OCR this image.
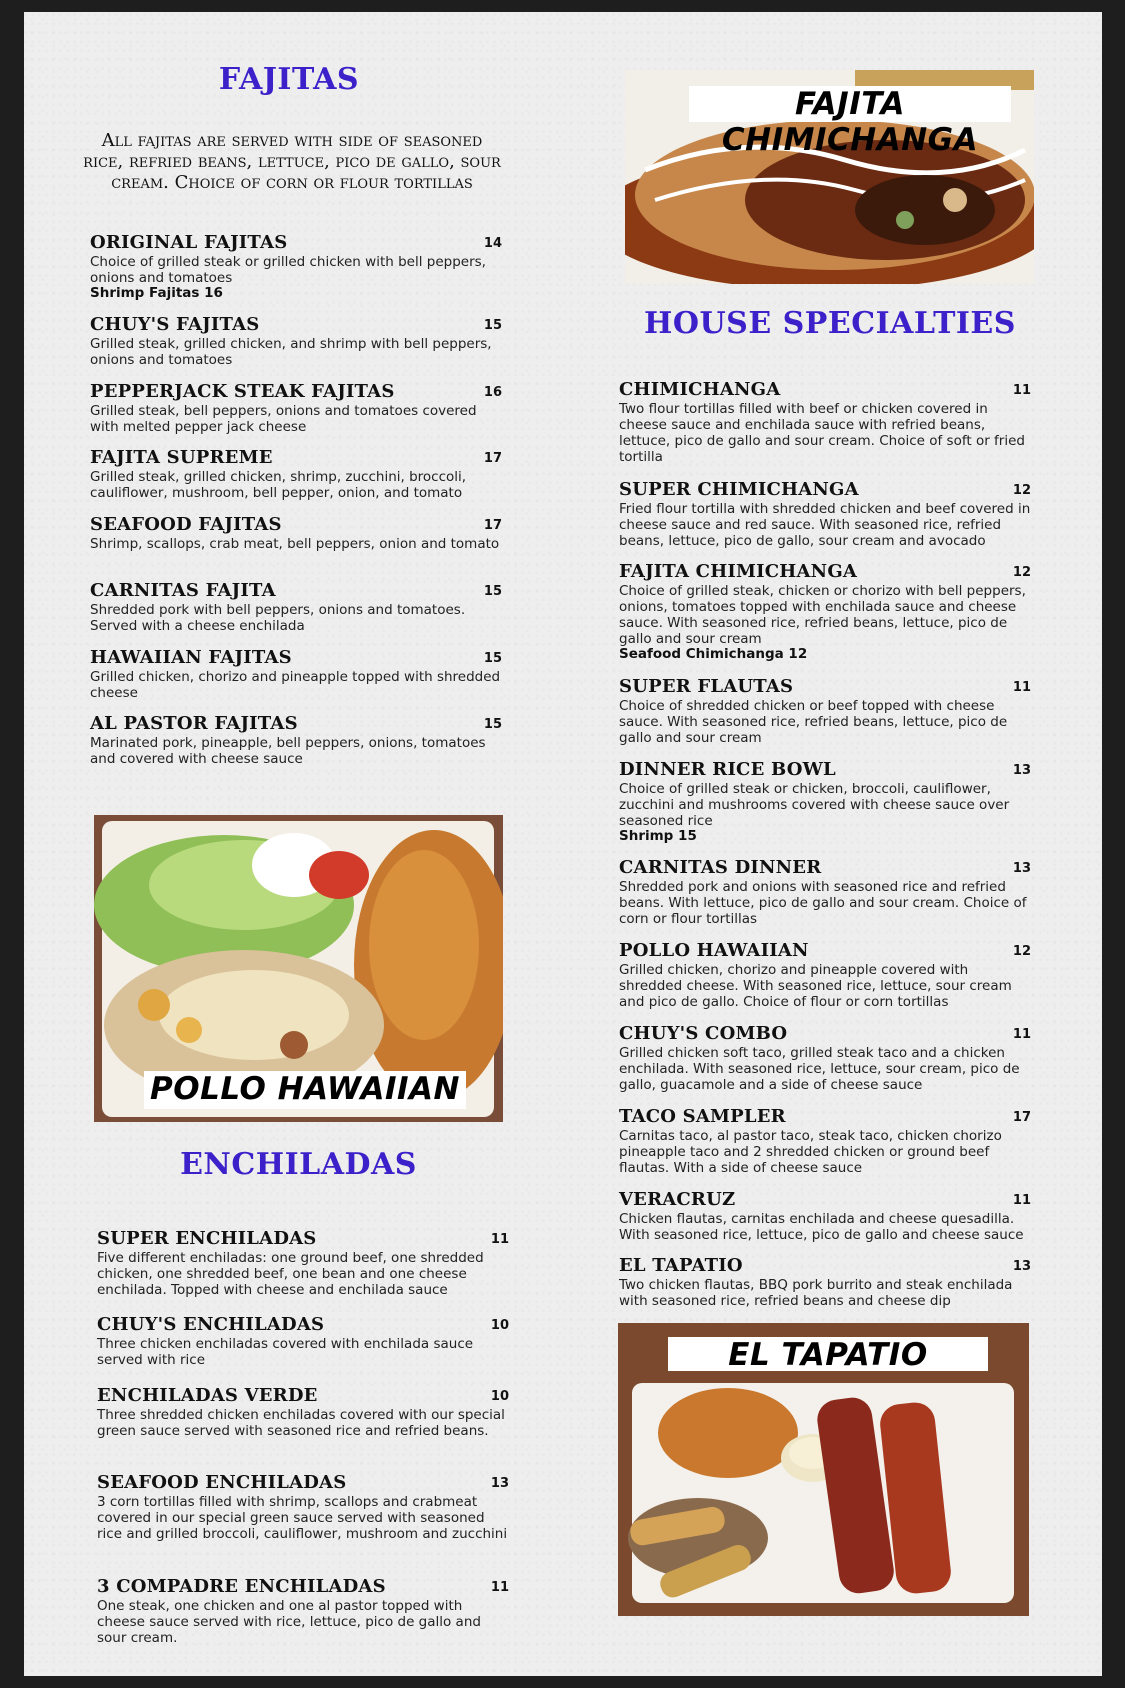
FAJITAS

All fajitas are served with side of seasoned rice, refried beans, lettuce, pico de gallo, sour cream. Choice of corn or flour tortillas

ORIGINAL FAJITAS	14
Choice of grilled steak or grilled chicken with bell peppers, onions and tomatoes
Shrimp Fajitas 16
CHUY'S FAJITAS	15
Grilled steak, grilled chicken, and shrimp with bell peppers, onions and tomatoes
PEPPERJACK STEAK FAJITAS	16
Grilled steak, bell peppers, onions and tomatoes covered with melted pepper jack cheese
FAJITA SUPREME	17
Grilled steak, grilled chicken, shrimp, zucchini, broccoli, cauliflower, mushroom, bell pepper, onion, and tomato
SEAFOOD FAJITAS	17
Shrimp, scallops, crab meat, bell peppers, onion and tomato
CARNITAS FAJITA	15
Shredded pork with bell peppers, onions and tomatoes. Served with a cheese enchilada
HAWAIIAN FAJITAS	15
Grilled chicken, chorizo and pineapple topped with shredded cheese
AL PASTOR FAJITAS	15
Marinated pork, pineapple, bell peppers, onions, tomatoes and covered with cheese sauce
POLLO HAWAIIAN
ENCHILADAS
SUPER ENCHILADAS	11
Five different enchiladas: one ground beef, one shredded chicken, one shredded beef, one bean and one cheese enchilada. Topped with cheese and enchilada sauce
CHUY'S ENCHILADAS	10
Three chicken enchiladas covered with enchilada sauce served with rice
ENCHILADAS VERDE	10
Three shredded chicken enchiladas covered with our special green sauce served with seasoned rice and refried beans.
SEAFOOD ENCHILADAS	13
3 corn tortillas filled with shrimp, scallops and crabmeat covered in our special green sauce served with seasoned rice and grilled broccoli, cauliflower, mushroom and zucchini
3 COMPADRE ENCHILADAS	11
One steak, one chicken and one al pastor topped with cheese sauce served with rice, lettuce, pico de gallo and sour cream.
FAJITA CHIMICHANGA
HOUSE SPECIALTIES
CHIMICHANGA	11
Two flour tortillas filled with beef or chicken covered in cheese sauce and enchilada sauce with refried beans, lettuce, pico de gallo and sour cream. Choice of soft or fried tortilla
SUPER CHIMICHANGA	12
Fried flour tortilla with shredded chicken and beef covered in cheese sauce and red sauce. With seasoned rice, refried beans, lettuce, pico de gallo, sour cream and avocado
FAJITA CHIMICHANGA	12
Choice of grilled steak, chicken or chorizo with bell peppers, onions, tomatoes topped with enchilada sauce and cheese sauce. With seasoned rice, refried beans, lettuce, pico de gallo and sour cream
Seafood Chimichanga 12
SUPER FLAUTAS	11
Choice of shredded chicken or beef topped with cheese sauce. With seasoned rice, refried beans, lettuce, pico de gallo and sour cream
DINNER RICE BOWL	13
Choice of grilled steak or chicken, broccoli, cauliflower, zucchini and mushrooms covered with cheese sauce over seasoned rice
Shrimp 15
CARNITAS DINNER	13
Shredded pork and onions with seasoned rice and refried beans. With lettuce, pico de gallo and sour cream. Choice of corn or flour tortillas
POLLO HAWAIIAN	12
Grilled chicken, chorizo and pineapple covered with shredded cheese. With seasoned rice, lettuce, sour cream and pico de gallo. Choice of flour or corn tortillas
CHUY'S COMBO	11
Grilled chicken soft taco, grilled steak taco and a chicken enchilada. With seasoned rice, lettuce, sour cream, pico de gallo, guacamole and a side of cheese sauce
TACO SAMPLER	17
Carnitas taco, al pastor taco, steak taco, chicken chorizo pineapple taco and 2 shredded chicken or ground beef flautas. With a side of cheese sauce
VERACRUZ	11
Chicken flautas, carnitas enchilada and cheese quesadilla. With seasoned rice, lettuce, pico de gallo and cheese sauce
EL TAPATIO	13
Two chicken flautas, BBQ pork burrito and steak enchilada with seasoned rice, refried beans and cheese dip
EL TAPATIO
